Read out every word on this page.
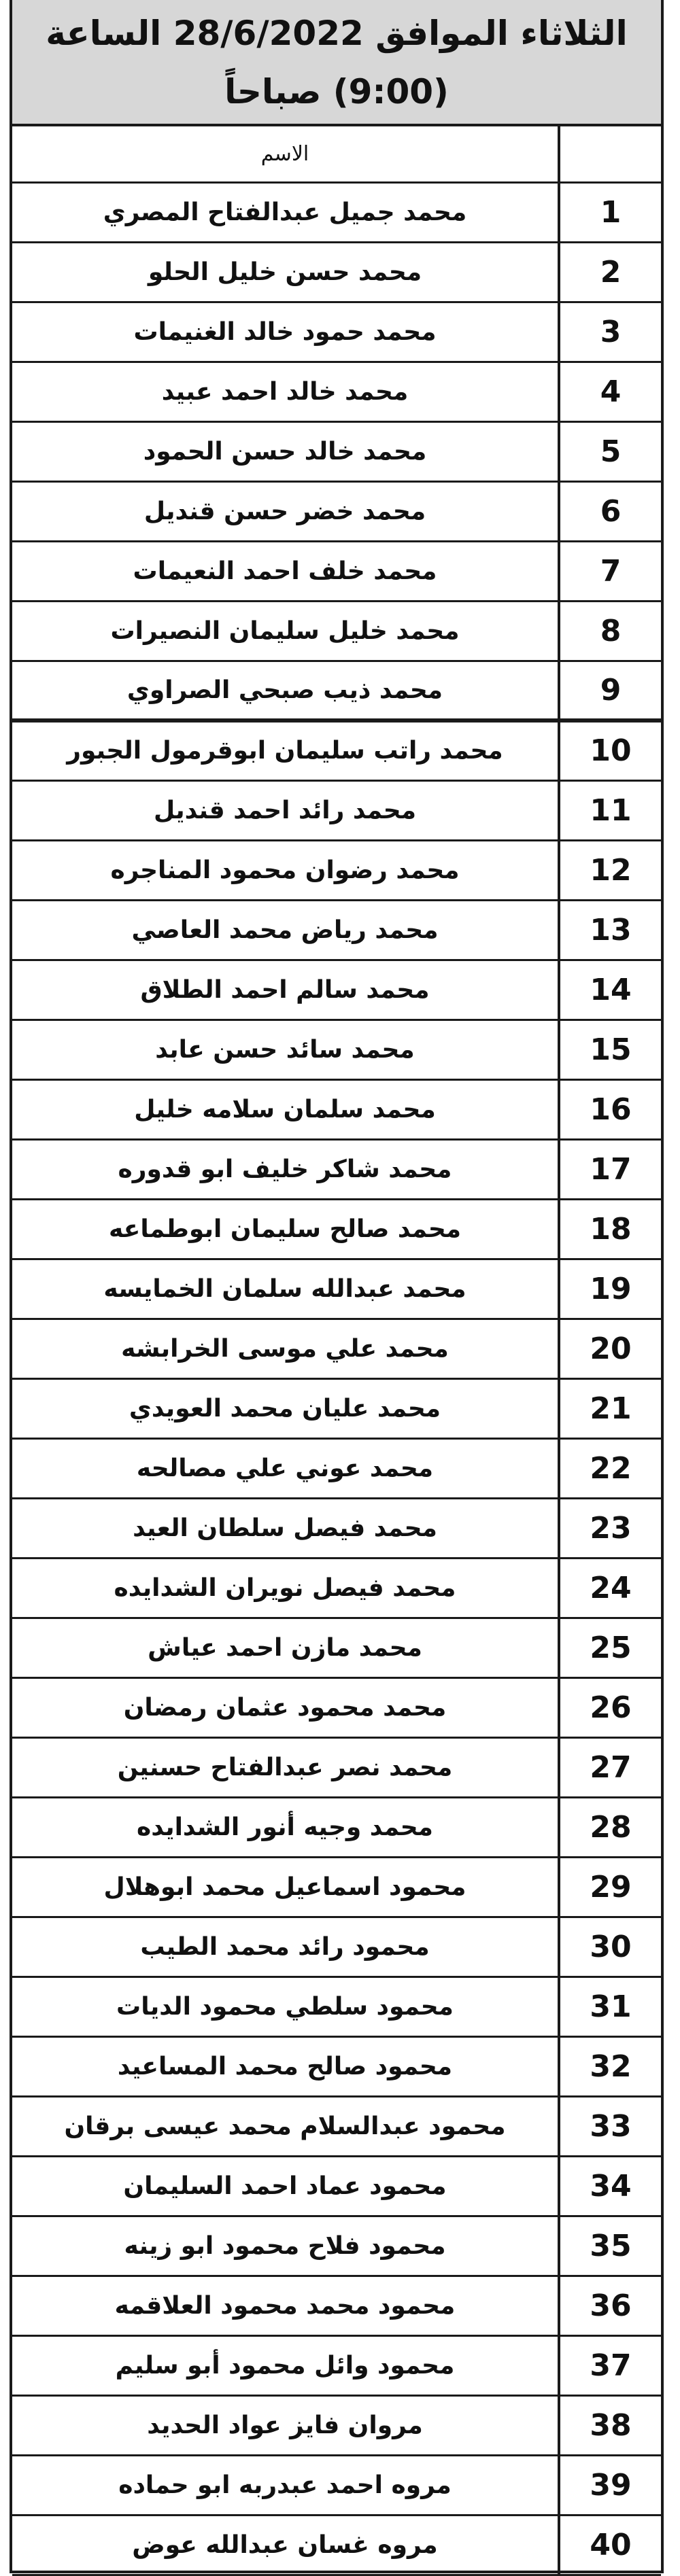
الثلاثاء الموافق 28/6/2022 الساعة
(9:00) صباحاً
الاسم	
محمد جميل عبدالفتاح المصري	1
محمد حسن خليل الحلو	2
محمد حمود خالد الغنيمات	3
محمد خالد احمد عبيد	4
محمد خالد حسن الحمود	5
محمد خضر حسن قنديل	6
محمد خلف احمد النعيمات	7
محمد خليل سليمان النصيرات	8
محمد ذيب صبحي الصراوي	9
محمد راتب سليمان ابوقرمول الجبور	10
محمد رائد احمد قنديل	11
محمد رضوان محمود المناجره	12
محمد رياض محمد العاصي	13
محمد سالم احمد الطلاق	14
محمد سائد حسن عابد	15
محمد سلمان سلامه خليل	16
محمد شاكر خليف ابو قدوره	17
محمد صالح سليمان ابوطماعه	18
محمد عبدالله سلمان الخمايسه	19
محمد علي موسى الخرابشه	20
محمد عليان محمد العويدي	21
محمد عوني علي مصالحه	22
محمد فيصل سلطان العيد	23
محمد فيصل نويران الشدايده	24
محمد مازن احمد عياش	25
محمد محمود عثمان رمضان	26
محمد نصر عبدالفتاح حسنين	27
محمد وجيه أنور الشدايده	28
محمود اسماعيل محمد ابوهلال	29
محمود رائد محمد الطيب	30
محمود سلطي محمود الديات	31
محمود صالح محمد المساعيد	32
محمود عبدالسلام محمد عيسى برقان	33
محمود عماد احمد السليمان	34
محمود فلاح محمود ابو زينه	35
محمود محمد محمود العلاقمه	36
محمود وائل محمود أبو سليم	37
مروان فايز عواد الحديد	38
مروه احمد عبدربه ابو حماده	39
مروه غسان عبدالله عوض	40
